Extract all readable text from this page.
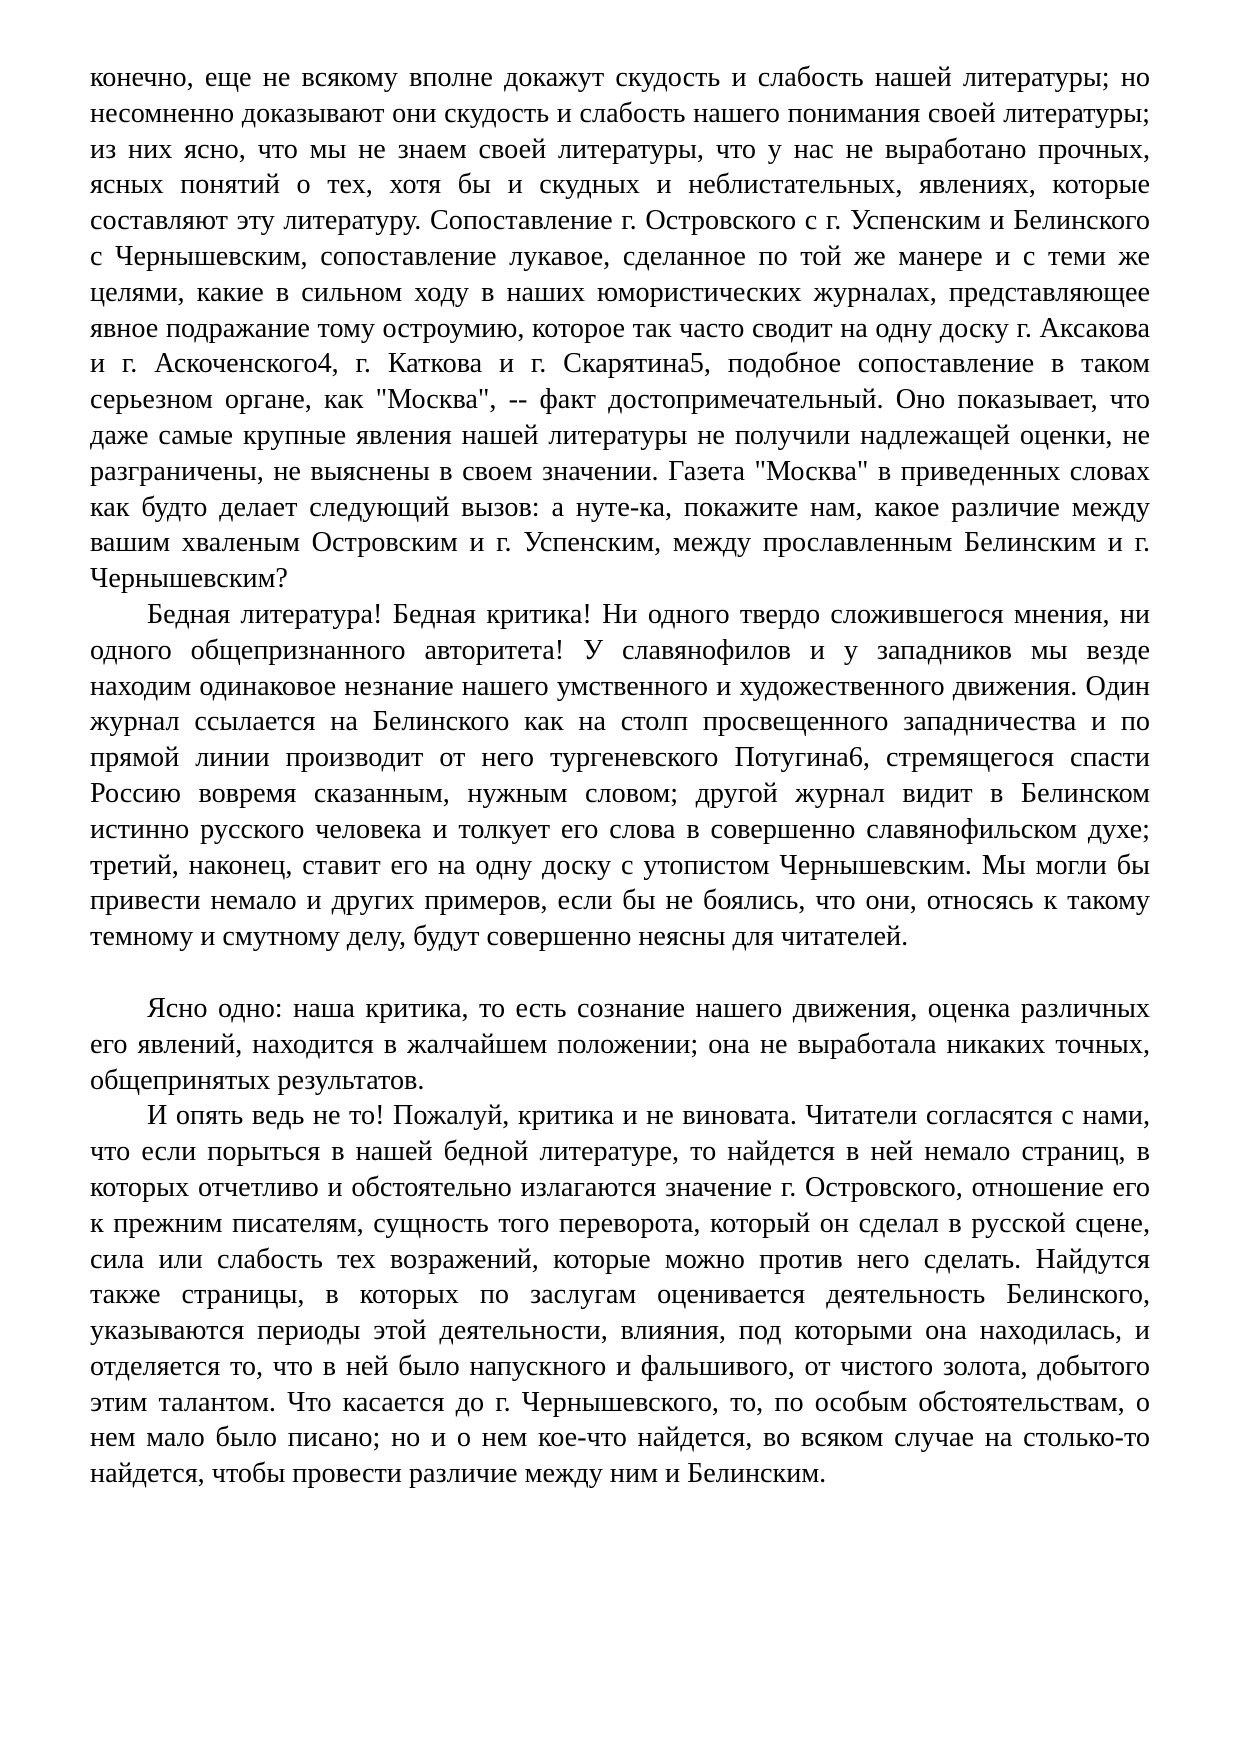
конечно, еще не всякому вполне докажут скудость и слабость нашей литературы; но несомненно доказывают они скудость и слабость нашего понимания своей литературы; из них ясно, что мы не знаем своей литературы, что у нас не выработано прочных, ясных понятий о тех, хотя бы и скудных и неблистательных, явлениях, которые составляют эту литературу. Сопоставление г. Островского с г. Успенским и Белинского с Чернышевским, сопоставление лукавое, сделанное по той же манере и с теми же целями, какие в сильном ходу в наших юмористических журналах, представляющее явное подражание тому остроумию, которое так часто сводит на одну доску г. Аксакова и г. Аскоченского4, г. Каткова и г. Скарятина5, подобное сопоставление в таком серьезном органе, как "Москва", -- факт достопримечательный. Оно показывает, что даже самые крупные явления нашей литературы не получили надлежащей оценки, не разграничены, не выяснены в своем значении. Газета "Москва" в приведенных словах как будто делает следующий вызов: а нуте-ка, покажите нам, какое различие между вашим хваленым Островским и г. Успенским, между прославленным Белинским и г. Чернышевским?

Бедная литература! Бедная критика! Ни одного твердо сложившегося мнения, ни одного общепризнанного авторитета! У славянофилов и у западников мы везде находим одинаковое незнание нашего умственного и художественного движения. Один журнал ссылается на Белинского как на столп просвещенного западничества и по прямой линии производит от него тургеневского Потугина6, стремящегося спасти Россию вовремя сказанным, нужным словом; другой журнал видит в Белинском истинно русского человека и толкует его слова в совершенно славянофильском духе; третий, наконец, ставит его на одну доску с утопистом Чернышевским. Мы могли бы привести немало и других примеров, если бы не боялись, что они, относясь к такому темному и смутному делу, будут совершенно неясны для читателей.

Ясно одно: наша критика, то есть сознание нашего движения, оценка различных его явлений, находится в жалчайшем положении; она не выработала никаких точных, общепринятых результатов.

И опять ведь не то! Пожалуй, критика и не виновата. Читатели согласятся с нами, что если порыться в нашей бедной литературе, то найдется в ней немало страниц, в которых отчетливо и обстоятельно излагаются значение г. Островского, отношение его к прежним писателям, сущность того переворота, который он сделал в русской сцене, сила или слабость тех возражений, которые можно против него сделать. Найдутся также страницы, в которых по заслугам оценивается деятельность Белинского, указываются периоды этой деятельности, влияния, под которыми она находилась, и отделяется то, что в ней было напускного и фальшивого, от чистого золота, добытого этим талантом. Что касается до г. Чернышевского, то, по особым обстоятельствам, о нем мало было писано; но и о нем кое-что найдется, во всяком случае на столько-то найдется, чтобы провести различие между ним и Белинским.
